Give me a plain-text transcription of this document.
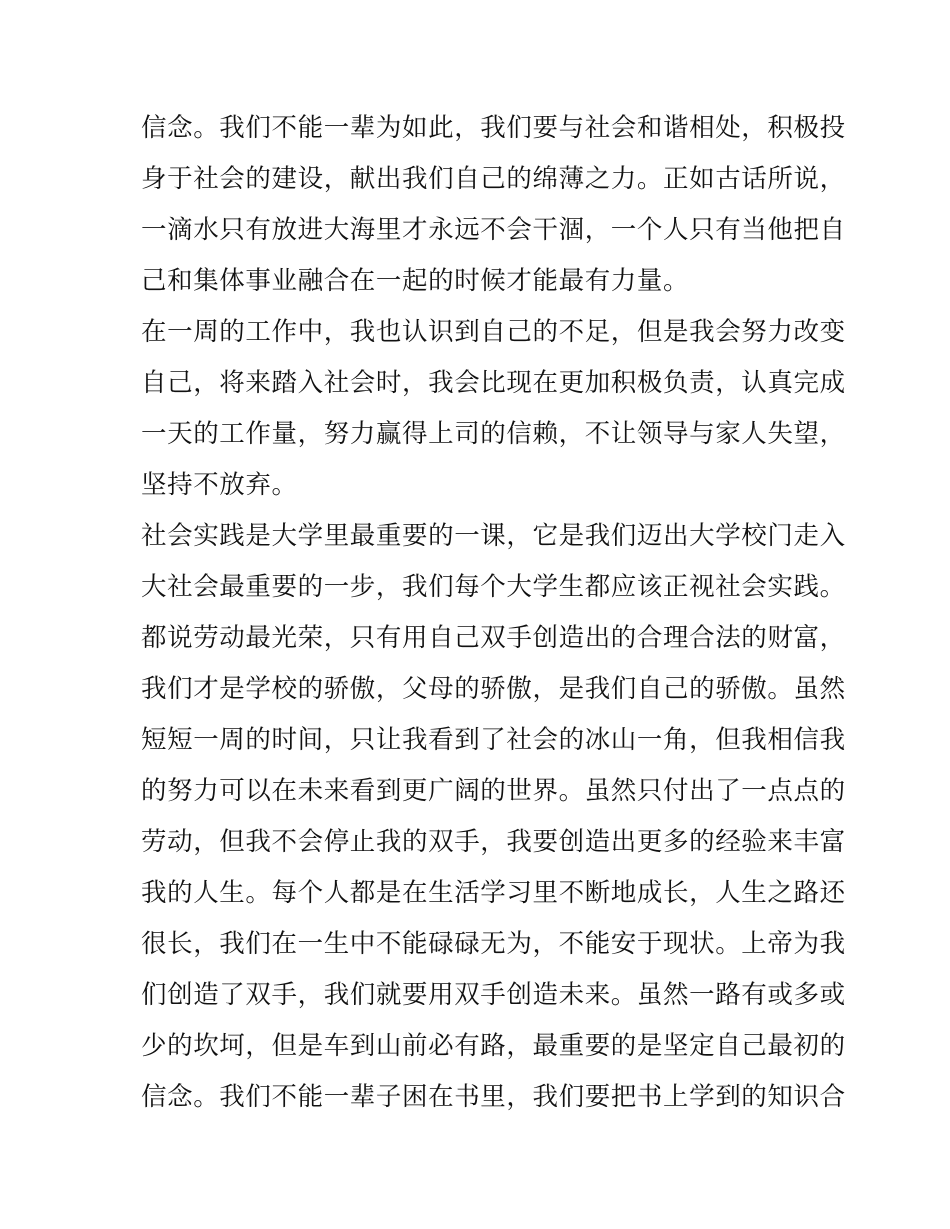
信念。我们不能一辈为如此，我们要与社会和谐相处，积极投
身于社会的建设，献出我们自己的绵薄之力。正如古话所说，
一滴水只有放进大海里才永远不会干涸，一个人只有当他把自
己和集体事业融合在一起的时候才能最有力量。
在一周的工作中，我也认识到自己的不足，但是我会努力改变
自己，将来踏入社会时，我会比现在更加积极负责，认真完成
一天的工作量，努力赢得上司的信赖，不让领导与家人失望，
坚持不放弃。
社会实践是大学里最重要的一课，它是我们迈出大学校门走入
大社会最重要的一步，我们每个大学生都应该正视社会实践。
都说劳动最光荣，只有用自己双手创造出的合理合法的财富，
我们才是学校的骄傲，父母的骄傲，是我们自己的骄傲。虽然
短短一周的时间，只让我看到了社会的冰山一角，但我相信我
的努力可以在未来看到更广阔的世界。虽然只付出了一点点的
劳动，但我不会停止我的双手，我要创造出更多的经验来丰富
我的人生。每个人都是在生活学习里不断地成长，人生之路还
很长，我们在一生中不能碌碌无为，不能安于现状。上帝为我
们创造了双手，我们就要用双手创造未来。虽然一路有或多或
少的坎坷，但是车到山前必有路，最重要的是坚定自己最初的
信念。我们不能一辈子困在书里，我们要把书上学到的知识合
